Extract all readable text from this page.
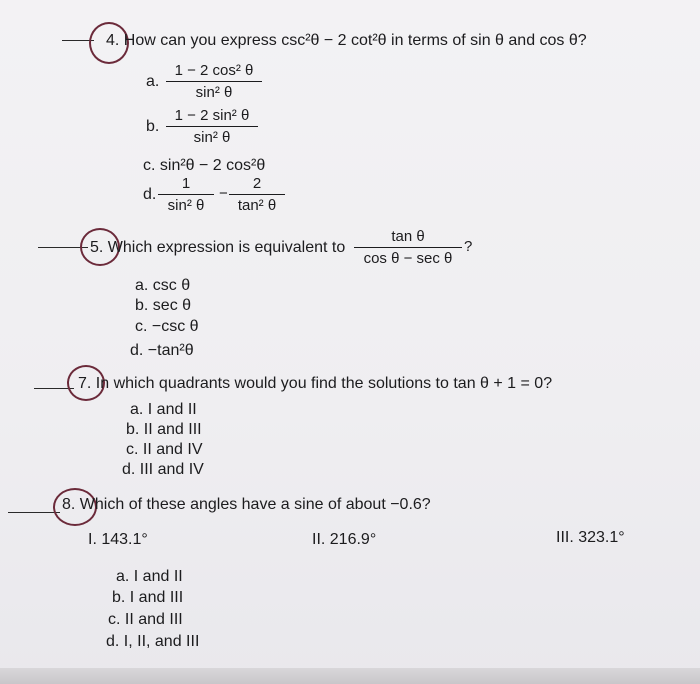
4. How can you express csc²θ − 2 cot²θ in terms of sin θ and cos θ?
a. $\frac{\text{1 − 2 cos² θ}}{\text{sin² θ}}$
b. $\frac{\text{1 − 2 sin² θ}}{\text{sin² θ}}$
c. sin²θ − 2 cos²θ
d. $\frac{1}{\text{sin² θ}} - \frac{2}{\text{tan² θ}}$
5. Which expression is equivalent to
tan θ
cos θ − sec θ
?
a. csc θ
b. sec θ
c. −csc θ
d. −tan²θ
7. In which quadrants would you find the solutions to tan θ + 1 = 0?
a. I and II
b. II and III
c. II and IV
d. III and IV
8. Which of these angles have a sine of about −0.6?
I. 143.1°	II. 216.9°	III. 323.1°
a. I and II
b. I and III
c. II and III
d. I, II, and III
